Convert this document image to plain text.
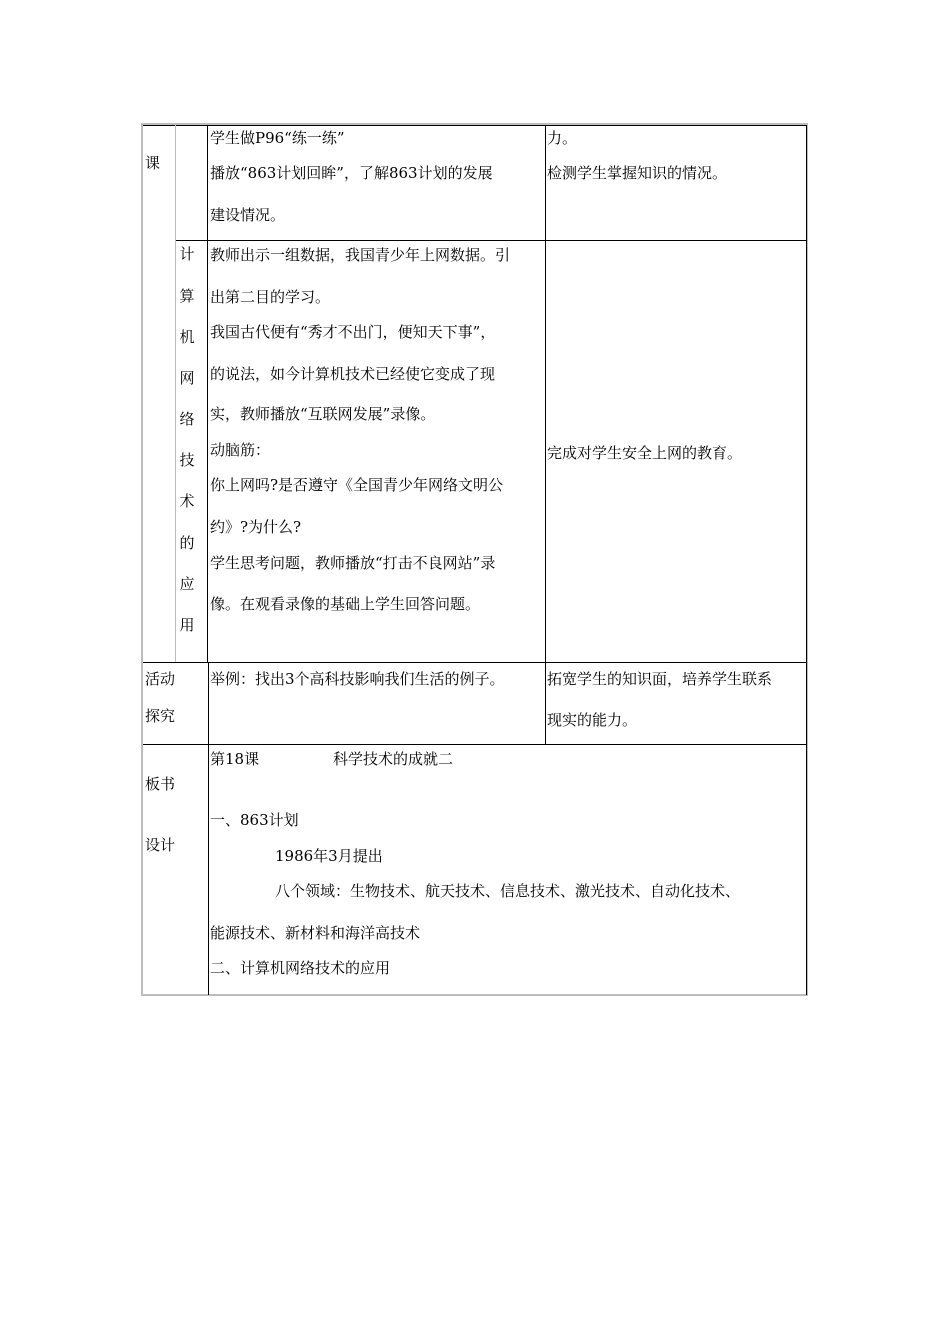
课
学生做P96“练一练”
播放“863计划回眸”，了解863计划的发展
建设情况。
力。
检测学生掌握知识的情况。
计
算
机
网
络
技
术
的
应
用
教师出示一组数据，我国青少年上网数据。引
出第二目的学习。
我国古代便有“秀才不出门，便知天下事”，
的说法，如今计算机技术已经使它变成了现
实，教师播放“互联网发展”录像。
动脑筋：
你上网吗?是否遵守《全国青少年网络文明公
约》?为什么?
学生思考问题，教师播放“打击不良网站”录
像。在观看录像的基础上学生回答问题。
完成对学生安全上网的教育。
活动
探究
举例：找出3个高科技影响我们生活的例子。	拓宽学生的知识面，培养学生联系
现实的能力。
板书
设计
第18课	科学技术的成就二
一、863计划
1986年3月提出
八个领域：生物技术、航天技术、信息技术、激光技术、自动化技术、
能源技术、新材料和海洋高技术
二、计算机网络技术的应用
